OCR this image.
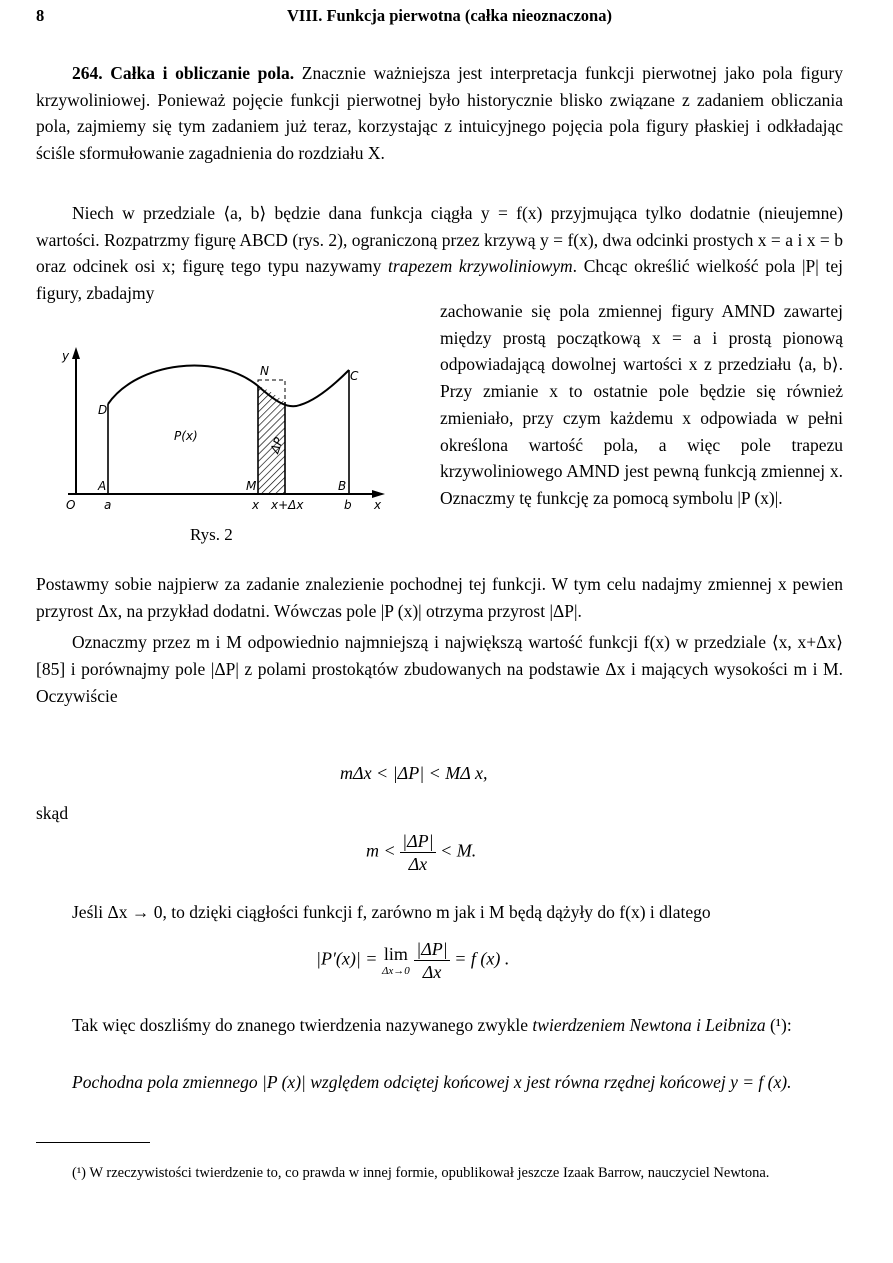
8	VIII. Funkcja pierwotna (całka nieoznaczona)
264. Całka i obliczanie pola. Znacznie ważniejsza jest interpretacja funkcji pierwotnej jako pola figury krzywoliniowej. Ponieważ pojęcie funkcji pierwotnej było historycznie blisko związane z zadaniem obliczania pola, zajmiemy się tym zadaniem już teraz, korzystając z intuicyjnego pojęcia pola figury płaskiej i odkładając ściśle sformułowanie zagadnienia do rozdziału X.
Niech w przedziale ⟨a, b⟩ będzie dana funkcja ciągła y = f(x) przyjmująca tylko dodatnie (nieujemne) wartości. Rozpatrzmy figurę ABCD (rys. 2), ograniczoną przez krzywą y = f(x), dwa odcinki prostych x = a i x = b oraz odcinek osi x; figurę tego typu nazywamy trapezem krzywoliniowym. Chcąc określić wielkość pola |P| tej figury, zbadajmy
y
O a	x x+Δx	b x
D
A
N	C
M	B
P(x)	ΔP
Rys. 2
zachowanie się pola zmiennej figury AMND zawartej między prostą początkową x = a i prostą pionową odpowiadającą dowolnej wartości x z przedziału ⟨a, b⟩. Przy zmianie x to ostatnie pole będzie się również zmieniało, przy czym każdemu x odpowiada w pełni określona wartość pola, a więc pole trapezu krzywoliniowego AMND jest pewną funkcją zmiennej x. Oznaczmy tę funkcję za pomocą symbolu |P (x)|.
Postawmy sobie najpierw za zadanie znalezienie pochodnej tej funkcji. W tym celu nadajmy zmiennej x pewien przyrost Δx, na przykład dodatni. Wówczas pole |P (x)| otrzyma przyrost |ΔP|.
Oznaczmy przez m i M odpowiednio najmniejszą i największą wartość funkcji f(x) w przedziale ⟨x, x+Δx⟩ [85] i porównajmy pole |ΔP| z polami prostokątów zbudowanych na podstawie Δx i mających wysokości m i M. Oczywiście
mΔx < |ΔP| < MΔ x,
skąd
$m < \frac{|\Delta P|}{\Delta x} < M$.
Jeśli Δx → 0, to dzięki ciągłości funkcji f, zarówno m jak i M będą dążyły do f(x) i dlatego
|P′(x)| = lim
Δx→0
$\frac{|\Delta P|}{\Delta x} = f$ (x) .
Tak więc doszliśmy do znanego twierdzenia nazywanego zwykle twierdzeniem Newtona i Leibniza (¹):
Pochodna pola zmiennego |P (x)| względem odciętej końcowej x jest równa rzędnej końcowej y = f (x).
(¹) W rzeczywistości twierdzenie to, co prawda w innej formie, opublikował jeszcze Izaak Barrow, nauczyciel Newtona.
